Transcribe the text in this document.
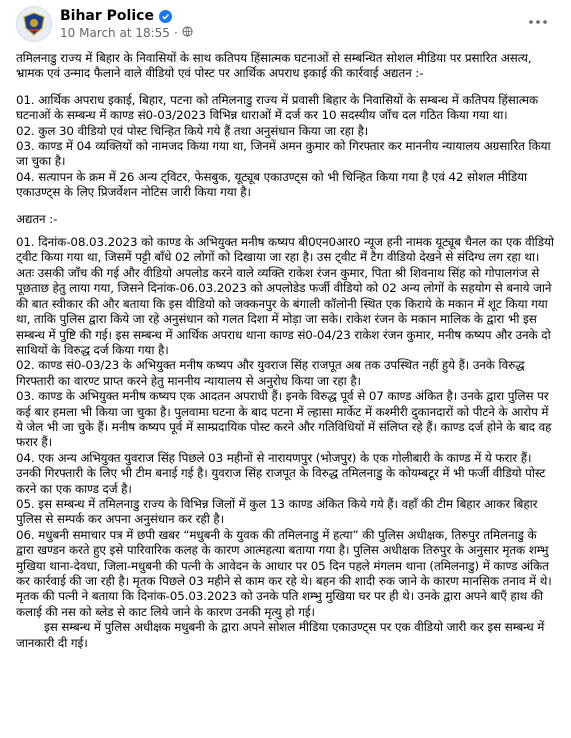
Bihar Police
10 March at 18:55 ·

तमिलनाडु राज्य में बिहार के निवासियों के साथ कतिपय हिंसात्मक घटनाओं से सम्बन्धित सोशल मीडिया पर प्रसारित असत्य, भ्रामक एवं उन्माद फैलाने वाले वीडियो एवं पोस्ट पर आर्थिक अपराध इकाई की कार्रवाई अद्यतन :-

01. आर्थिक अपराध इकाई, बिहार, पटना को तमिलनाडु राज्य में प्रवासी बिहार के निवासियों के सम्बन्ध में कतिपय हिंसात्मक घटनाओं के सम्बन्ध में काण्ड सं0-03/2023 विभिन्न धाराओं में दर्ज कर 10 सदस्यीय जाँच दल गठित किया गया था।

02. कुल 30 वीडियो एवं पोस्ट चिन्हित किये गये हैं तथा अनुसंधान किया जा रहा है।

03. काण्ड में 04 व्यक्तियों को नामजद किया गया था, जिनमें अमन कुमार को गिरफ्तार कर माननीय न्यायालय अग्रसारित किया जा चुका है।

04. सत्यापन के क्रम में 26 अन्य ट्विटर, फेसबुक, यूट्यूब एकाउण्ट्स को भी चिन्हित किया गया है एवं 42 सोशल मीडिया एकाउण्ट्स के लिए प्रिजर्वेशन नोटिस जारी किया गया है।

अद्यतन :-

01. दिनांक-08.03.2023 को काण्ड के अभियुक्त मनीष कष्यप बी0एन0आर0 न्यूज हनी नामक यूट्यूब चैनल का एक वीडियो ट्वीट किया गया था, जिसमें पट्टी बाँधे 02 लोगों को दिखाया जा रहा है। उस ट्वीट में टैग वीडियो देखने से संदिग्ध लग रहा था। अतः उसकी जाँच की गई और वीडियो अपलोड करने वाले व्यक्ति राकेश रंजन कुमार, पिता श्री शिवनाथ सिंह को गोपालगंज से पूछताछ हेतु लाया गया, जिसने दिनांक-06.03.2023 को अपलोडेड फर्जी वीडियो को 02 अन्य लोगों के सहयोग से बनाये जाने की बात स्वीकार की और बताया कि इस वीडियो को जक्कनपुर के बंगाली कॉलोनी स्थित एक किराये के मकान में शूट किया गया था, ताकि पुलिस द्वारा किये जा रहे अनुसंधान को गलत दिशा में मोड़ा जा सके। राकेश रंजन के मकान मालिक के द्वारा भी इस सम्बन्ध में पुष्टि की गई। इस सम्बन्ध में आर्थिक अपराध थाना काण्ड सं0-04/23 राकेश रंजन कुमार, मनीष कष्यप और उनके दो साथियों के विरुद्ध दर्ज किया गया है।

02. काण्ड सं0-03/23 के अभियुक्त मनीष कष्यप और युवराज सिंह राजपूत अब तक उपस्थित नहीं हुये हैं। उनके विरुद्ध गिरफ्तारी का वारण्ट प्राप्त करने हेतु माननीय न्यायालय से अनुरोध किया जा रहा है।

03. काण्ड के अभियुक्त मनीष कष्यप एक आदतन अपराधी हैं। इनके विरुद्ध पूर्व से 07 काण्ड अंकित है। उनके द्वारा पुलिस पर कई बार हमला भी किया जा चुका है। पुलवामा घटना के बाद पटना में ल्हासा मार्केट में कश्मीरी दुकानदारों को पीटने के आरोप में ये जेल भी जा चुके हैं। मनीष कष्यप पूर्व में साम्प्रदायिक पोस्ट करने और गतिविधियों में संलिप्त रहे हैं। काण्ड दर्ज होने के बाद वह फरार हैं।

04. एक अन्य अभियुक्त युवराज सिंह पिछले 03 महीनों से नारायणपुर (भोजपुर) के एक गोलीबारी के काण्ड में ये फरार हैं। उनकी गिरफ्तारी के लिए भी टीम बनाई गई है। युवराज सिंह राजपूत के विरुद्ध तमिलनाडु के कोयम्बटूर में भी फर्जी वीडियो पोस्ट करने का एक काण्ड दर्ज है।

05. इस सम्बन्ध में तमिलनाडु राज्य के विभिन्न जिलों में कुल 13 काण्ड अंकित किये गये हैं। वहाँ की टीम बिहार आकर बिहार पुलिस से सम्पर्क कर अपना अनुसंधान कर रही है।

06. मधुबनी समाचार पत्र में छपी खबर “मधुबनी के युवक की तमिलनाडु में हत्या” की पुलिस अधीक्षक, तिरुपुर तमिलनाडु के द्वारा खण्डन करते हुए इसे पारिवारिक कलह के कारण आत्महत्या बताया गया है। पुलिस अधीक्षक तिरुपुर के अनुसार मृतक शम्भु मुखिया थाना-देवधा, जिला-मधुबनी की पत्नी के आवेदन के आधार पर 05 दिन पहले मंगलम थाना (तमिलनाडु) में काण्ड अंकित कर कार्रवाई की जा रही है। मृतक पिछले 03 महीने से काम कर रहे थे। बहन की शादी रुक जाने के कारण मानसिक तनाव में थे। मृतक की पत्नी ने बताया कि दिनांक-05.03.2023 को उनके पति शम्भु मुखिया घर पर ही थे। उनके द्वारा अपने बाएँ हाथ की कलाई की नस को ब्लेड से काट लिये जाने के कारण उनकी मृत्यु हो गई।

इस सम्बन्ध में पुलिस अधीक्षक मधुबनी के द्वारा अपने सोशल मीडिया एकाउण्ट्स पर एक वीडियो जारी कर इस सम्बन्ध में जानकारी दी गई।
